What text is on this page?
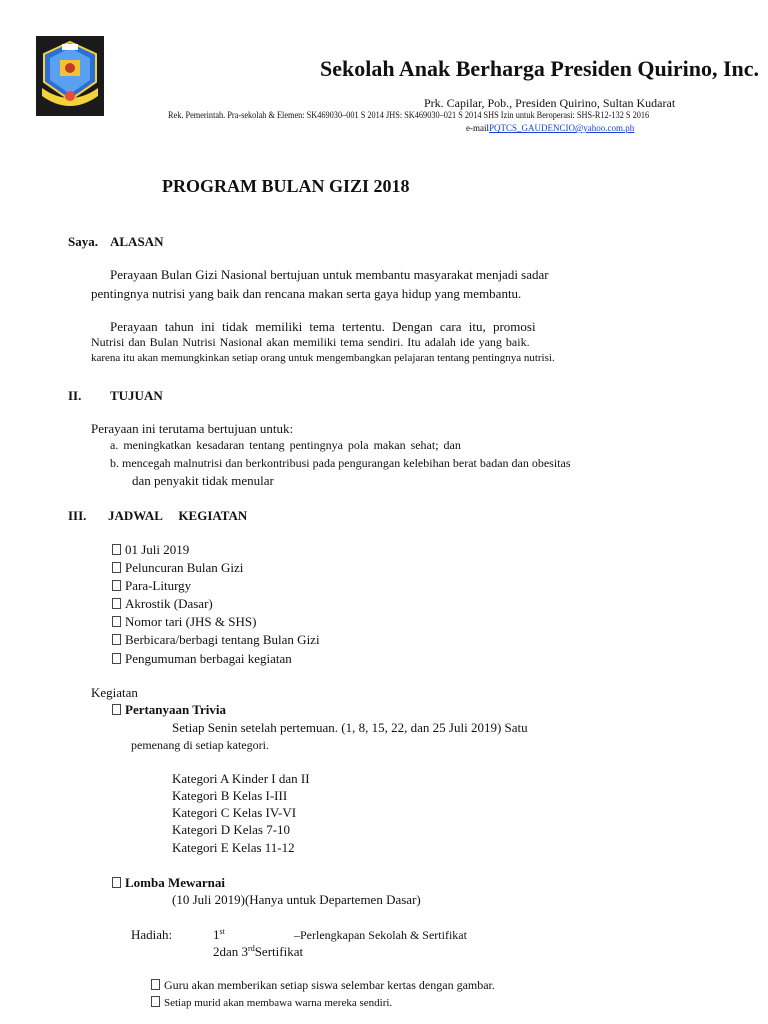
Sekolah Anak Berharga Presiden Quirino, Inc.
Prk. Capilar, Pob., Presiden Quirino, Sultan Kudarat
Rek. Pemerintah. Pra-sekolah & Elemen: SK469030–001 S 2014 JHS: SK469030–021 S 2014 SHS Izin untuk Beroperasi: SHS-R12-132 S 2016
e-mailPQTCS_GAUDENCIO@yahoo.com.ph
PROGRAM BULAN GIZI 2018
Saya. ALASAN
Perayaan Bulan Gizi Nasional bertujuan untuk membantu masyarakat menjadi sadar
pentingnya nutrisi yang baik dan rencana makan serta gaya hidup yang membantu.
Perayaan tahun ini tidak memiliki tema tertentu. Dengan cara itu, promosi
Nutrisi dan Bulan Nutrisi Nasional akan memiliki tema sendiri. Itu adalah ide yang baik.
karena itu akan memungkinkan setiap orang untuk mengembangkan pelajaran tentang pentingnya nutrisi.
II. TUJUAN
Perayaan ini terutama bertujuan untuk:
a. meningkatkan kesadaran tentang pentingnya pola makan sehat; dan
b. mencegah malnutrisi dan berkontribusi pada pengurangan kelebihan berat badan dan obesitas
dan penyakit tidak menular
III. JADWAL     KEGIATAN
01 Juli 2019
Peluncuran Bulan Gizi
Para-Liturgy
Akrostik (Dasar)
Nomor tari (JHS & SHS)
Berbicara/berbagi tentang Bulan Gizi
Pengumuman berbagai kegiatan
Kegiatan
Pertanyaan Trivia
Setiap Senin setelah pertemuan. (1, 8, 15, 22, dan 25 Juli 2019) Satu
pemenang di setiap kategori.
Kategori A Kinder I dan II
Kategori B Kelas I-III
Kategori C Kelas IV-VI
Kategori D Kelas 7-10
Kategori E Kelas 11-12
Lomba Mewarnai
(10 Juli 2019)(Hanya untuk Departemen Dasar)
Hadiah:	1st	–Perlengkapan Sekolah & Sertifikat
2dan 3rdSertifikat
Guru akan memberikan setiap siswa selembar kertas dengan gambar.
Setiap murid akan membawa warna mereka sendiri.
